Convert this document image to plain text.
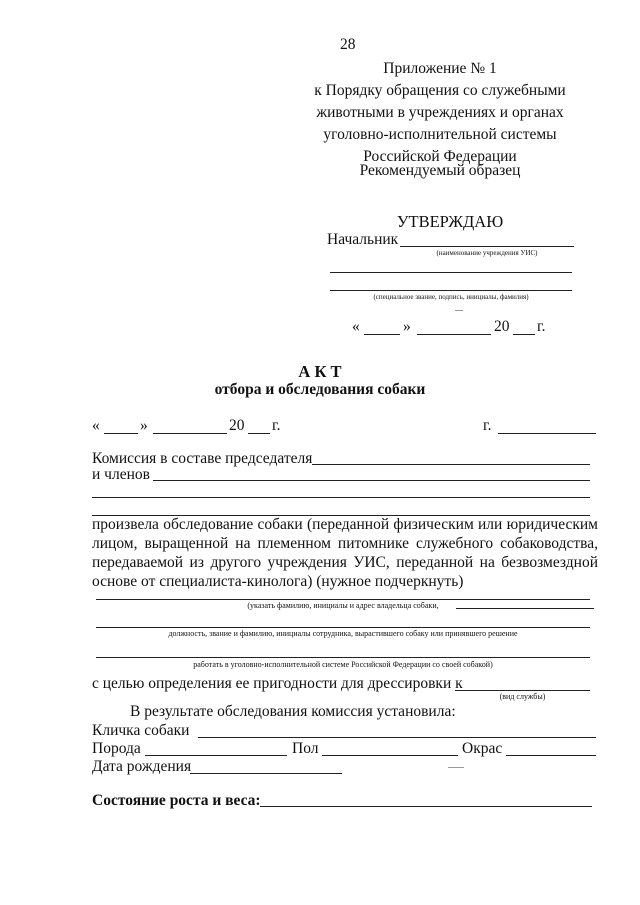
28
Приложение № 1
к Порядку обращения со служебными
животными в учреждениях и органах
уголовно-исполнительной системы
Российской Федерации
Рекомендуемый образец
УТВЕРЖДАЮ
Начальник
(наименование учреждения УИС)
(специальное звание, подпись, инициалы, фамилия)
«	»	20 г.
А К Т
отбора и обследования собаки
«	»	20 г.	г.
Комиссия в составе председателя
и членов
произвела обследование собаки (переданной физическим или юридическим лицом, выращенной на племенном питомнике служебного собаководства, передаваемой из другого учреждения УИС, переданной на безвозмездной основе от специалиста-кинолога) (нужное подчеркнуть)
(указать фамилию, инициалы и адрес владельца собаки,
должность, звание и фамилию, инициалы сотрудника, вырастившего собаку или принявшего решение
работать в уголовно-исполнительной системе Российской Федерации со своей собакой)
с целью определения ее пригодности для дрессировки к
(вид службы)
В результате обследования комиссия установила:
Кличка собаки
Порода	Пол	Окрас
Дата рождения
Состояние роста и веса:
